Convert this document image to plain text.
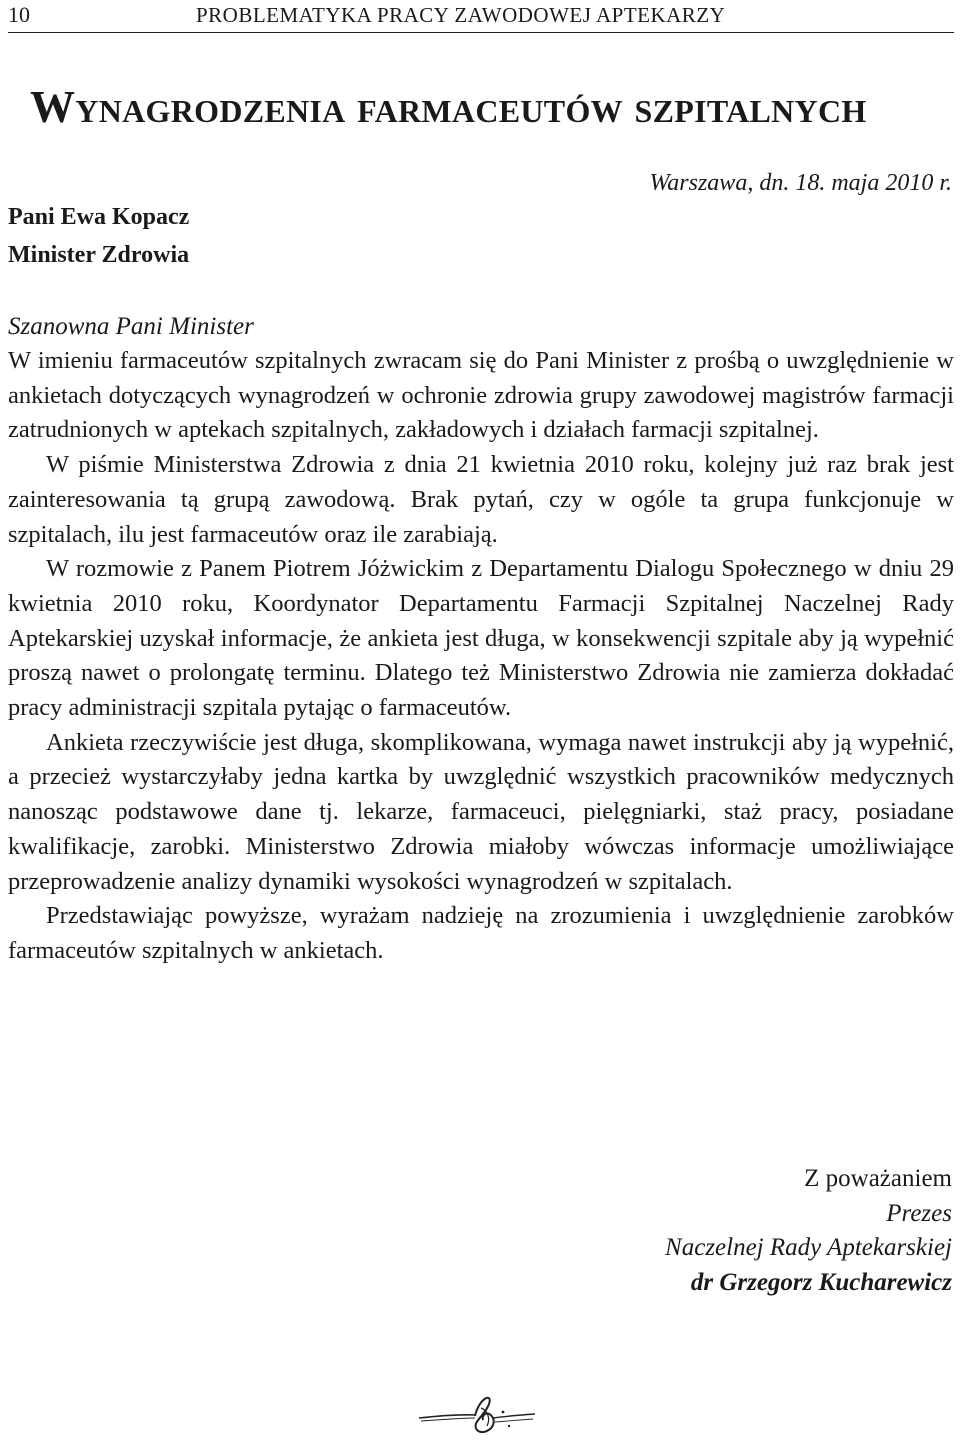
10	PROBLEMATYKA PRACY ZAWODOWEJ APTEKARZY
Wynagrodzenia farmaceutów szpitalnych
Warszawa, dn. 18. maja 2010 r.
Pani Ewa Kopacz
Minister Zdrowia
Szanowna Pani Minister

W imieniu farmaceutów szpitalnych zwracam się do Pani Minister z prośbą o uwzględnienie w ankietach dotyczących wynagrodzeń w ochronie zdrowia grupy zawodowej magistrów farmacji zatrudnionych w aptekach szpitalnych, zakładowych i działach farmacji szpitalnej.

W piśmie Ministerstwa Zdrowia z dnia 21 kwietnia 2010 roku, kolejny już raz brak jest zainteresowania tą grupą zawodową. Brak pytań, czy w ogóle ta grupa funkcjonuje w szpitalach, ilu jest farmaceutów oraz ile zarabiają.

W rozmowie z Panem Piotrem Jóżwickim z Departamentu Dialogu Społecznego w dniu 29 kwietnia 2010 roku, Koordynator Departamentu Farmacji Szpitalnej Naczelnej Rady Aptekarskiej uzyskał informacje, że ankieta jest długa, w konsekwencji szpitale aby ją wypełnić proszą nawet o prolongatę terminu. Dlatego też Ministerstwo Zdrowia nie zamierza dokładać pracy administracji szpitala pytając o farmaceutów.

Ankieta rzeczywiście jest długa, skomplikowana, wymaga nawet instrukcji aby ją wypełnić, a przecież wystarczyłaby jedna kartka by uwzględnić wszystkich pracowników medycznych nanosząc podstawowe dane tj. lekarze, farmaceuci, pielęgniarki, staż pracy, posiadane kwalifikacje, zarobki. Ministerstwo Zdrowia miałoby wówczas informacje umożliwiające przeprowadzenie analizy dynamiki wysokości wynagrodzeń w szpitalach.

Przedstawiając powyższe, wyrażam nadzieję na zrozumienia i uwzględnienie zarobków farmaceutów szpitalnych w ankietach.

Z poważaniem
Prezes
Naczelnej Rady Aptekarskiej
dr Grzegorz Kucharewicz
